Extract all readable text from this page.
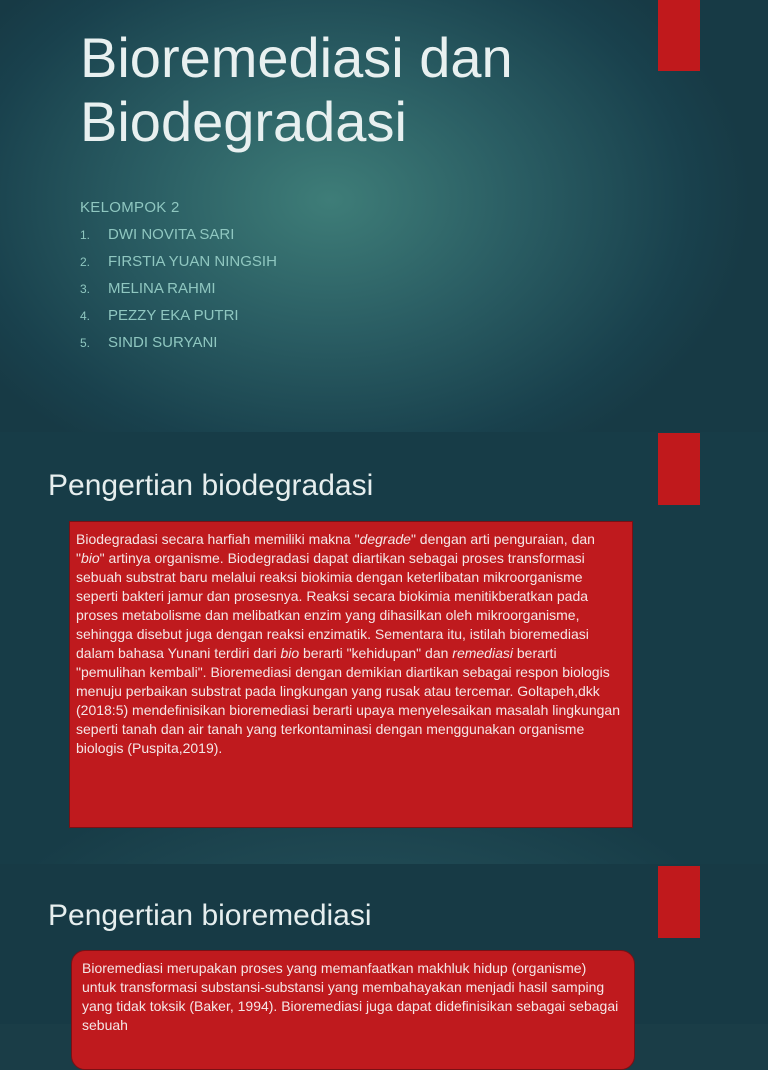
Bioremediasi dan Biodegradasi
KELOMPOK 2
1. DWI NOVITA SARI
2. FIRSTIA YUAN NINGSIH
3. MELINA RAHMI
4. PEZZY EKA PUTRI
5. SINDI SURYANI
Pengertian biodegradasi
Biodegradasi secara harfiah memiliki makna "degrade" dengan arti penguraian, dan "bio" artinya organisme. Biodegradasi dapat diartikan sebagai proses transformasi sebuah substrat baru melalui reaksi biokimia dengan keterlibatan mikroorganisme seperti bakteri jamur dan prosesnya. Reaksi secara biokimia menitikberatkan pada proses metabolisme dan melibatkan enzim yang dihasilkan oleh mikroorganisme, sehingga disebut juga dengan reaksi enzimatik. Sementara itu, istilah bioremediasi dalam bahasa Yunani terdiri dari bio berarti "kehidupan" dan remediasi berarti "pemulihan kembali". Bioremediasi dengan demikian diartikan sebagai respon biologis menuju perbaikan substrat pada lingkungan yang rusak atau tercemar. Goltapeh,dkk (2018:5) mendefinisikan bioremediasi berarti upaya menyelesaikan masalah lingkungan seperti tanah dan air tanah yang terkontaminasi dengan menggunakan organisme biologis (Puspita,2019).
Pengertian bioremediasi
Bioremediasi merupakan proses yang memanfaatkan makhluk hidup (organisme) untuk transformasi substansi-substansi yang membahayakan menjadi hasil samping yang tidak toksik (Baker, 1994). Bioremediasi juga dapat didefinisikan sebagai sebagai sebuah
